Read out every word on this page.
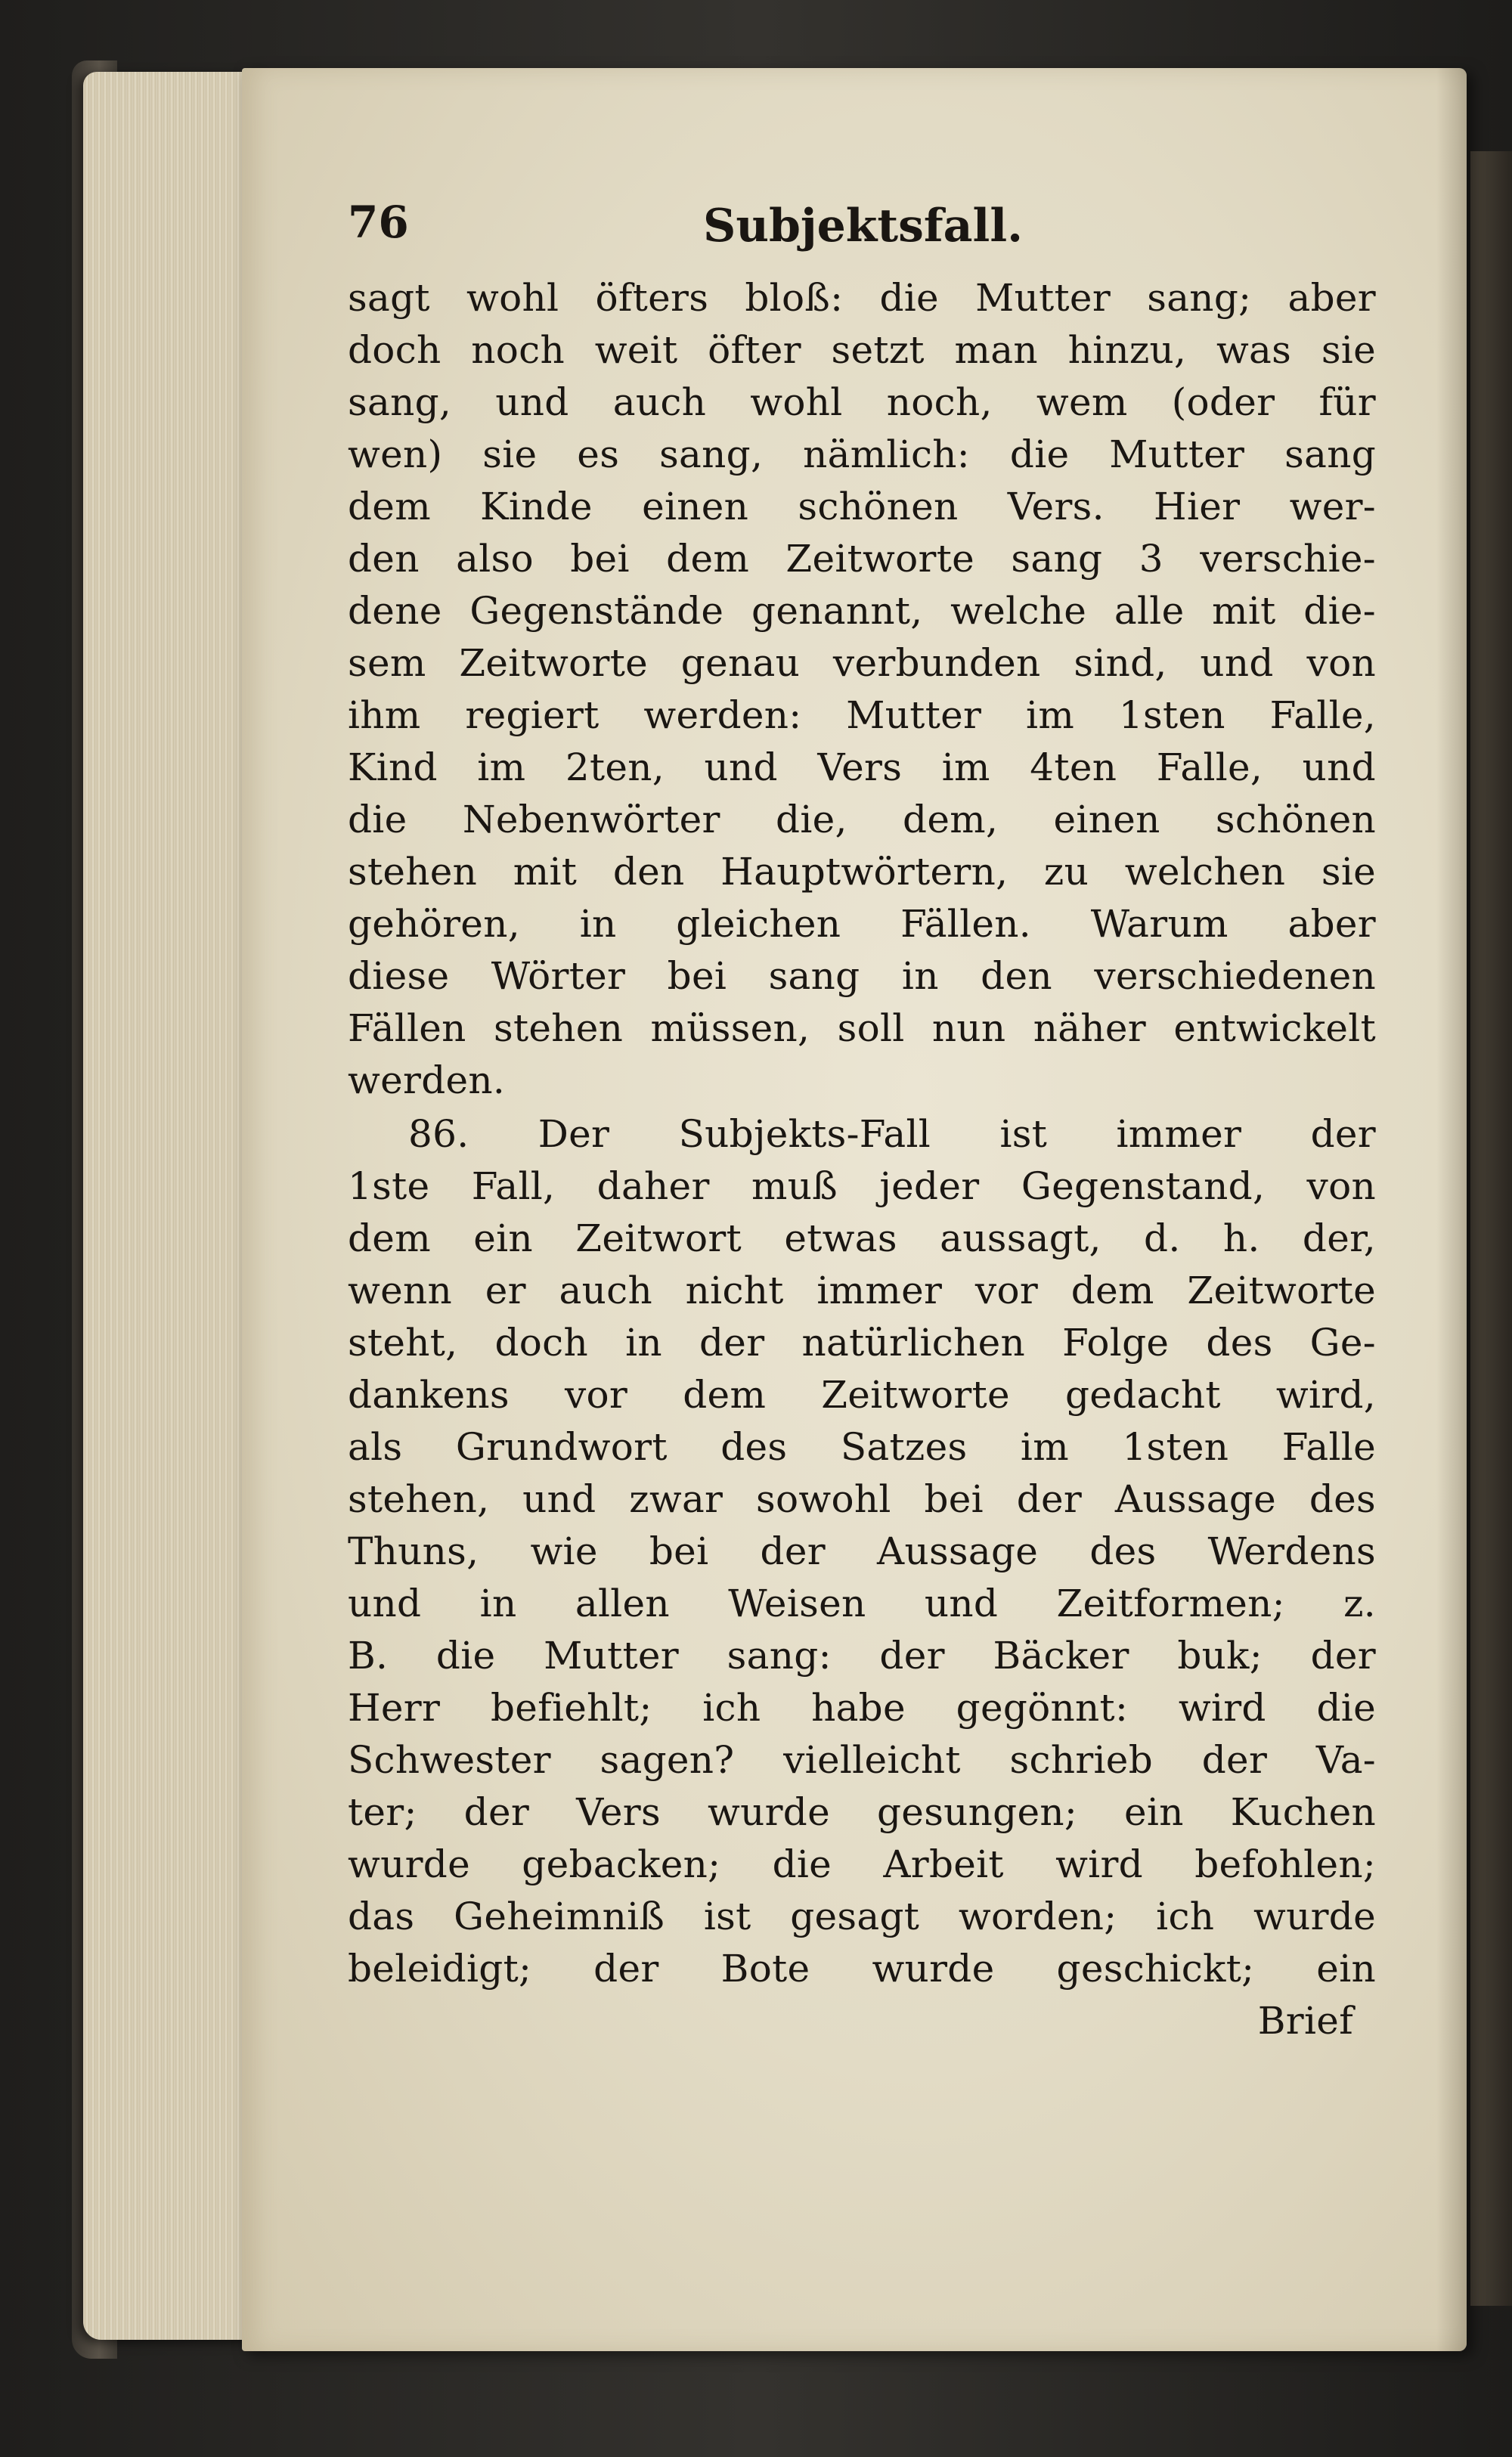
76	Subjektsfall.
sagt wohl öfters bloß: die Mutter sang; aber
doch noch weit öfter setzt man hinzu, was sie
sang, und auch wohl noch, wem (oder für
wen) sie es sang, nämlich: die Mutter sang
dem Kinde einen schönen Vers. Hier wer-
den also bei dem Zeitworte sang 3 verschie-
dene Gegenstände genannt, welche alle mit die-
sem Zeitworte genau verbunden sind, und von
ihm regiert werden: Mutter im 1sten Falle,
Kind im 2ten, und Vers im 4ten Falle, und
die Nebenwörter die, dem, einen schönen
stehen mit den Hauptwörtern, zu welchen sie
gehören, in gleichen Fällen. Warum aber
diese Wörter bei sang in den verschiedenen
Fällen stehen müssen, soll nun näher entwickelt
werden.
86. Der Subjekts-Fall ist immer der
1ste Fall, daher muß jeder Gegenstand, von
dem ein Zeitwort etwas aussagt, d. h. der,
wenn er auch nicht immer vor dem Zeitworte
steht, doch in der natürlichen Folge des Ge-
dankens vor dem Zeitworte gedacht wird,
als Grundwort des Satzes im 1sten Falle
stehen, und zwar sowohl bei der Aussage des
Thuns, wie bei der Aussage des Werdens
und in allen Weisen und Zeitformen; z.
B. die Mutter sang: der Bäcker buk; der
Herr befiehlt; ich habe gegönnt: wird die
Schwester sagen? vielleicht schrieb der Va-
ter; der Vers wurde gesungen; ein Kuchen
wurde gebacken; die Arbeit wird befohlen;
das Geheimniß ist gesagt worden; ich wurde
beleidigt; der Bote wurde geschickt; ein
Brief
